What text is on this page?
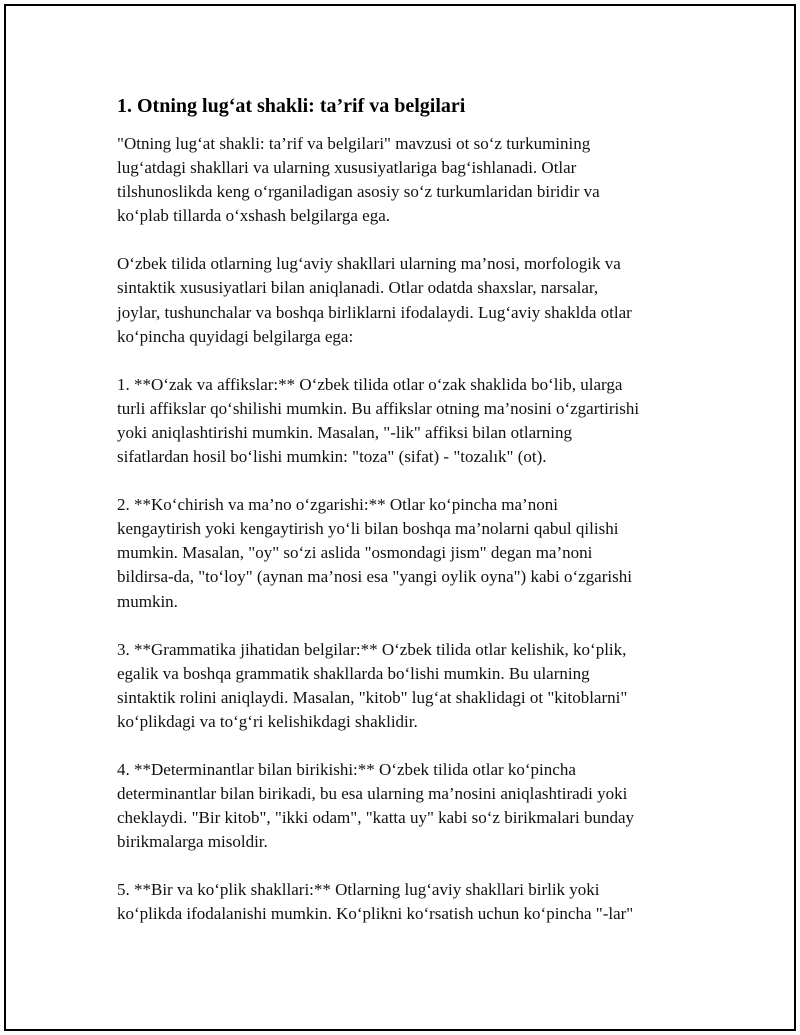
1. Otning lug‘at shakli: ta’rif va belgilari

"Otning lug‘at shakli: ta’rif va belgilari" mavzusi ot so‘z turkumining
lug‘atdagi shakllari va ularning xususiyatlariga bag‘ishlanadi. Otlar
tilshunoslikda keng o‘rganiladigan asosiy so‘z turkumlaridan biridir va
ko‘plab tillarda o‘xshash belgilarga ega.

O‘zbek tilida otlarning lug‘aviy shakllari ularning ma’nosi, morfologik va
sintaktik xususiyatlari bilan aniqlanadi. Otlar odatda shaxslar, narsalar,
joylar, tushunchalar va boshqa birliklarni ifodalaydi. Lug‘aviy shaklda otlar
ko‘pincha quyidagi belgilarga ega:

1. **O‘zak va affikslar:** O‘zbek tilida otlar o‘zak shaklida bo‘lib, ularga
turli affikslar qo‘shilishi mumkin. Bu affikslar otning ma’nosini o‘zgartirishi
yoki aniqlashtirishi mumkin. Masalan, "-lik" affiksi bilan otlarning
sifatlardan hosil bo‘lishi mumkin: "toza" (sifat) - "tozalık" (ot).

2. **Ko‘chirish va ma’no o‘zgarishi:** Otlar ko‘pincha ma’noni
kengaytirish yoki kengaytirish yo‘li bilan boshqa ma’nolarni qabul qilishi
mumkin. Masalan, "oy" so‘zi aslida "osmondagi jism" degan ma’noni
bildirsa-da, "to‘loy" (aynan ma’nosi esa "yangi oylik oyna") kabi o‘zgarishi
mumkin.

3. **Grammatika jihatidan belgilar:** O‘zbek tilida otlar kelishik, ko‘plik,
egalik va boshqa grammatik shakllarda bo‘lishi mumkin. Bu ularning
sintaktik rolini aniqlaydi. Masalan, "kitob" lug‘at shaklidagi ot "kitoblarni"
ko‘plikdagi va to‘g‘ri kelishikdagi shaklidir.

4. **Determinantlar bilan birikishi:** O‘zbek tilida otlar ko‘pincha
determinantlar bilan birikadi, bu esa ularning ma’nosini aniqlashtiradi yoki
cheklaydi. "Bir kitob", "ikki odam", "katta uy" kabi so‘z birikmalari bunday
birikmalarga misoldir.

5. **Bir va ko‘plik shakllari:** Otlarning lug‘aviy shakllari birlik yoki
ko‘plikda ifodalanishi mumkin. Ko‘plikni ko‘rsatish uchun ko‘pincha "-lar"
